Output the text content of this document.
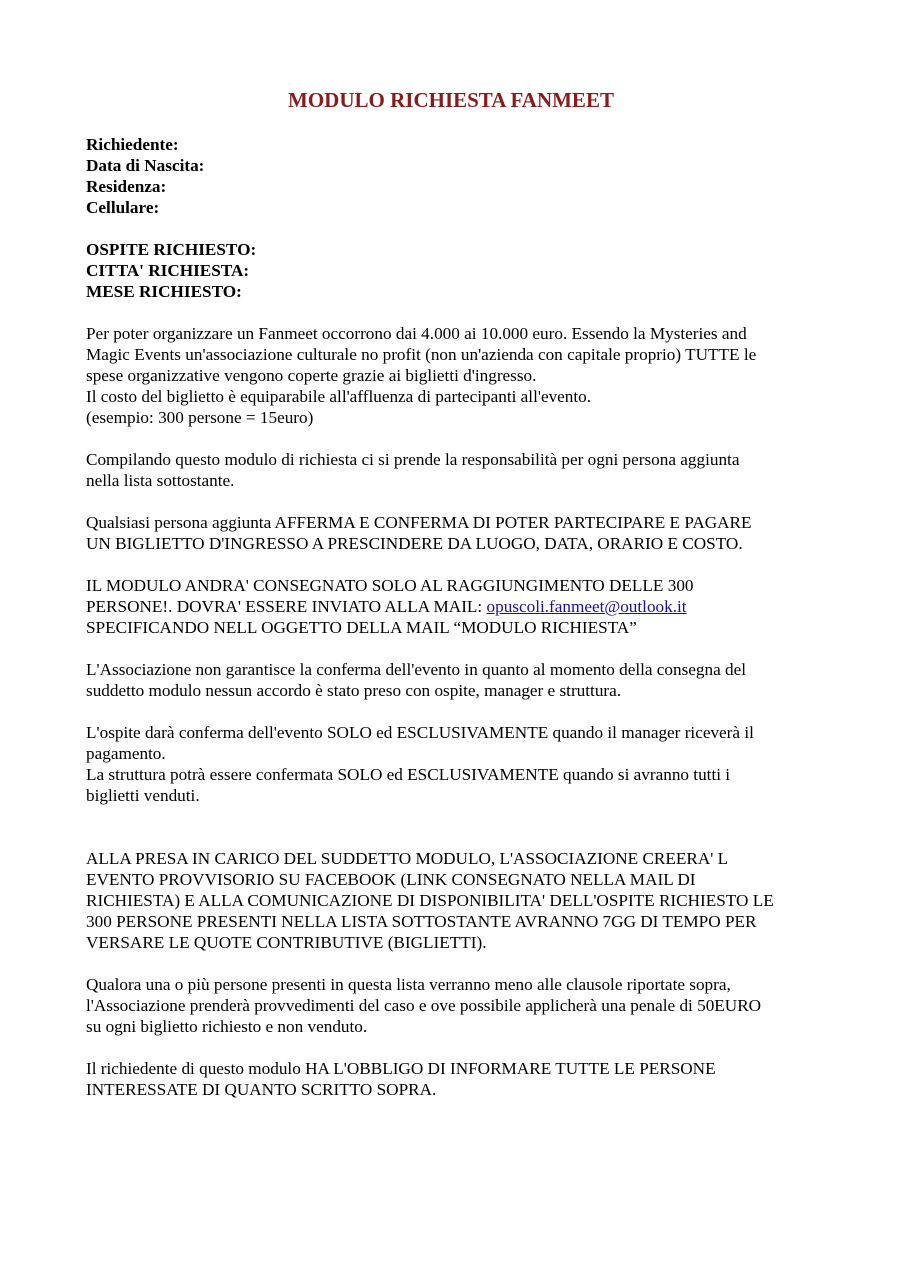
MODULO RICHIESTA FANMEET
Richiedente:
Data di Nascita:
Residenza:
Cellulare:
OSPITE RICHIESTO:
CITTA' RICHIESTA:
MESE RICHIESTO:

Per poter organizzare un Fanmeet occorrono dai 4.000 ai 10.000 euro. Essendo la Mysteries and
Magic Events un'associazione culturale no profit (non un'azienda con capitale proprio) TUTTE le
spese organizzative vengono coperte grazie ai biglietti d'ingresso.
Il costo del biglietto è equiparabile all'affluenza di partecipanti all'evento.
(esempio: 300 persone = 15euro)

Compilando questo modulo di richiesta ci si prende la responsabilità per ogni persona aggiunta
nella lista sottostante.

Qualsiasi persona aggiunta AFFERMA E CONFERMA DI POTER PARTECIPARE E PAGARE
UN BIGLIETTO D'INGRESSO A PRESCINDERE DA LUOGO, DATA, ORARIO E COSTO.

IL MODULO ANDRA' CONSEGNATO SOLO AL RAGGIUNGIMENTO DELLE 300
PERSONE!. DOVRA' ESSERE INVIATO ALLA MAIL: opuscoli.fanmeet@outlook.it
SPECIFICANDO NELL OGGETTO DELLA MAIL “MODULO RICHIESTA”

L'Associazione non garantisce la conferma dell'evento in quanto al momento della consegna del
suddetto modulo nessun accordo è stato preso con ospite, manager e struttura.

L'ospite darà conferma dell'evento SOLO ed ESCLUSIVAMENTE quando il manager riceverà il
pagamento.
La struttura potrà essere confermata SOLO ed ESCLUSIVAMENTE quando si avranno tutti i
biglietti venduti.

ALLA PRESA IN CARICO DEL SUDDETTO MODULO, L'ASSOCIAZIONE CREERA' L
EVENTO PROVVISORIO SU FACEBOOK (LINK CONSEGNATO NELLA MAIL DI
RICHIESTA) E ALLA COMUNICAZIONE DI DISPONIBILITA' DELL'OSPITE RICHIESTO LE
300 PERSONE PRESENTI NELLA LISTA SOTTOSTANTE AVRANNO 7GG DI TEMPO PER
VERSARE LE QUOTE CONTRIBUTIVE (BIGLIETTI).

Qualora una o più persone presenti in questa lista verranno meno alle clausole riportate sopra,
l'Associazione prenderà provvedimenti del caso e ove possibile applicherà una penale di 50EURO
su ogni biglietto richiesto e non venduto.

Il richiedente di questo modulo HA L'OBBLIGO DI INFORMARE TUTTE LE PERSONE
INTERESSATE DI QUANTO SCRITTO SOPRA.
